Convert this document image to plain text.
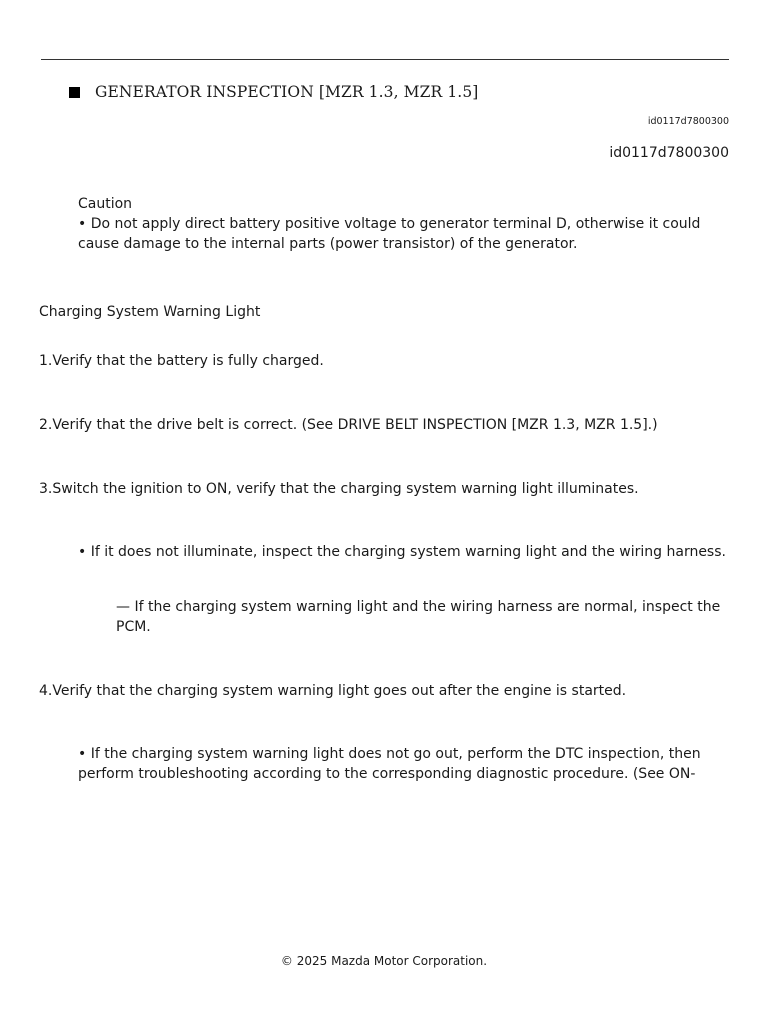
GENERATOR INSPECTION [MZR 1.3, MZR 1.5]
id0117d7800300
id0117d7800300

Caution

• Do not apply direct battery positive voltage to generator terminal D, otherwise it could cause damage to the internal parts (power transistor) of the generator.

Charging System Warning Light
1.Verify that the battery is fully charged.
2.Verify that the drive belt is correct. (See DRIVE BELT INSPECTION [MZR 1.3, MZR 1.5].)
3.Switch the ignition to ON, verify that the charging system warning light illuminates.
• If it does not illuminate, inspect the charging system warning light and the wiring harness.
— If the charging system warning light and the wiring harness are normal, inspect the PCM.
4.Verify that the charging system warning light goes out after the engine is started.
• If the charging system warning light does not go out, perform the DTC inspection, then perform troubleshooting according to the corresponding diagnostic procedure. (See ON-
© 2025 Mazda Motor Corporation.
